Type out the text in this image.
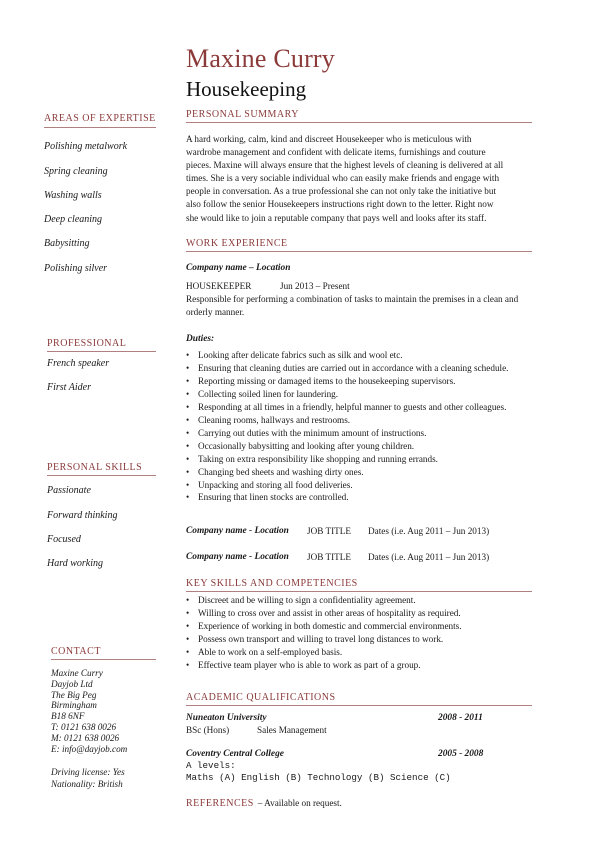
Maxine Curry
Housekeeping
AREAS OF EXPERTISE
Polishing metalwork
Spring cleaning
Washing walls
Deep cleaning
Babysitting
Polishing silver
PROFESSIONAL
French speaker
First Aider
PERSONAL SKILLS
Passionate
Forward thinking
Focused
Hard working
CONTACT
Maxine Curry
Dayjob Ltd
The Big Peg
Birmingham
B18 6NF
T: 0121 638 0026
M: 0121 638 0026
E: info@dayjob.com
Driving license: Yes
Nationality: British
PERSONAL SUMMARY
A hard working, calm, kind and discreet Housekeeper who is meticulous with
wardrobe management and confident with delicate items, furnishings and couture
pieces. Maxine will always ensure that the highest levels of cleaning is delivered at all
times. She is a very sociable individual who can easily make friends and engage with
people in conversation. As a true professional she can not only take the initiative but
also follow the senior Housekeepers instructions right down to the letter. Right now
she would like to join a reputable company that pays well and looks after its staff.
WORK EXPERIENCE
Company name – Location
HOUSEKEEPER	Jun 2013 – Present
Responsible for performing a combination of tasks to maintain the premises in a clean and
orderly manner.
Duties:
• Looking after delicate fabrics such as silk and wool etc.
• Ensuring that cleaning duties are carried out in accordance with a cleaning schedule.
• Reporting missing or damaged items to the housekeeping supervisors.
• Collecting soiled linen for laundering.
• Responding at all times in a friendly, helpful manner to guests and other colleagues.
• Cleaning rooms, hallways and restrooms.
• Carrying out duties with the minimum amount of instructions.
• Occasionally babysitting and looking after young children.
• Taking on extra responsibility like shopping and running errands.
• Changing bed sheets and washing dirty ones.
• Unpacking and storing all food deliveries.
• Ensuring that linen stocks are controlled.
Company name - Location JOB TITLE Dates (i.e. Aug 2011 – Jun 2013)
Company name - Location JOB TITLE Dates (i.e. Aug 2011 – Jun 2013)
KEY SKILLS AND COMPETENCIES
• Discreet and be willing to sign a confidentiality agreement.
• Willing to cross over and assist in other areas of hospitality as required.
• Experience of working in both domestic and commercial environments.
• Possess own transport and willing to travel long distances to work.
• Able to work on a self-employed basis.
• Effective team player who is able to work as part of a group.
ACADEMIC QUALIFICATIONS
Nuneaton University	2008 - 2011
BSc (Hons)	Sales Management
Coventry Central College	2005 - 2008
A levels:
Maths (A) English (B) Technology (B) Science (C)
REFERENCES – Available on request.
